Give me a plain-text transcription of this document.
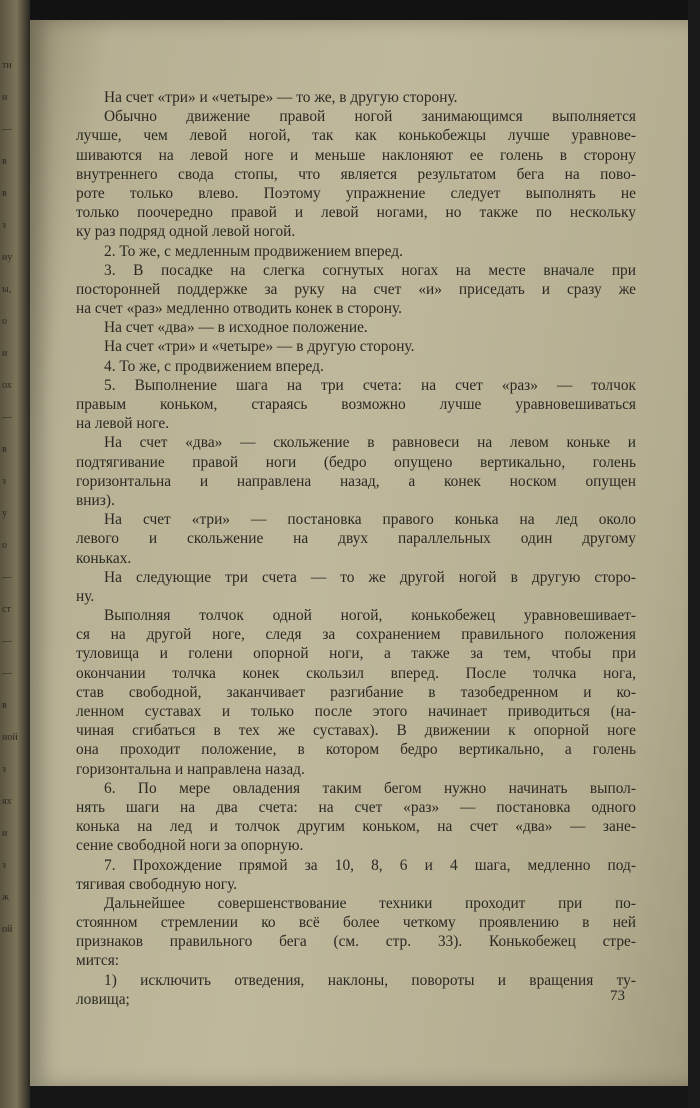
ти
н
—
в
в
з
ну
ы,
о
и
ох
—
в
з
у
о
—
ст
—
—
в
ной
з
ях
и
з
ж
ой
На счет «три» и «четыре» — то же, в другую сторону.
Обычно движение правой ногой занимающимся выполняется
лучше, чем левой ногой, так как конькобежцы лучше уравнове-
шиваются на левой ноге и меньше наклоняют ее голень в сторону
внутреннего свода стопы, что является результатом бега на пово-
роте только влево. Поэтому упражнение следует выполнять не
только поочередно правой и левой ногами, но также по нескольку
ку раз подряд одной левой ногой.
2. То же, с медленным продвижением вперед.
3. В посадке на слегка согнутых ногах на месте вначале при
посторонней поддержке за руку на счет «и» приседать и сразу же
на счет «раз» медленно отводить конек в сторону.
На счет «два» — в исходное положение.
На счет «три» и «четыре» — в другую сторону.
4. То же, с продвижением вперед.
5. Выполнение шага на три счета: на счет «раз» — толчок
правым коньком, стараясь возможно лучше уравновешиваться
на левой ноге.
На счет «два» — скольжение в равновеси на левом коньке и
подтягивание правой ноги (бедро опущено вертикально, голень
горизонтальна и направлена назад, а конек носком опущен
вниз).
На счет «три» — постановка правого конька на лед около
левого и скольжение на двух параллельных один другому
коньках.
На следующие три счета — то же другой ногой в другую сторо-
ну.
Выполняя толчок одной ногой, конькобежец уравновешивает-
ся на другой ноге, следя за сохранением правильного положения
туловища и голени опорной ноги, а также за тем, чтобы при
окончании толчка конек скользил вперед. После толчка нога,
став свободной, заканчивает разгибание в тазобедренном и ко-
ленном суставах и только после этого начинает приводиться (на-
чиная сгибаться в тех же суставах). В движении к опорной ноге
она проходит положение, в котором бедро вертикально, а голень
горизонтальна и направлена назад.
6. По мере овладения таким бегом нужно начинать выпол-
нять шаги на два счета: на счет «раз» — постановка одного
конька на лед и толчок другим коньком, на счет «два» — зане-
сение свободной ноги за опорную.
7. Прохождение прямой за 10, 8, 6 и 4 шага, медленно под-
тягивая свободную ногу.
Дальнейшее совершенствование техники проходит при по-
стоянном стремлении ко всё более четкому проявлению в ней
признаков правильного бега (см. стр. 33). Конькобежец стре-
мится:
1) исключить отведения, наклоны, повороты и вращения ту-
ловища;	73
